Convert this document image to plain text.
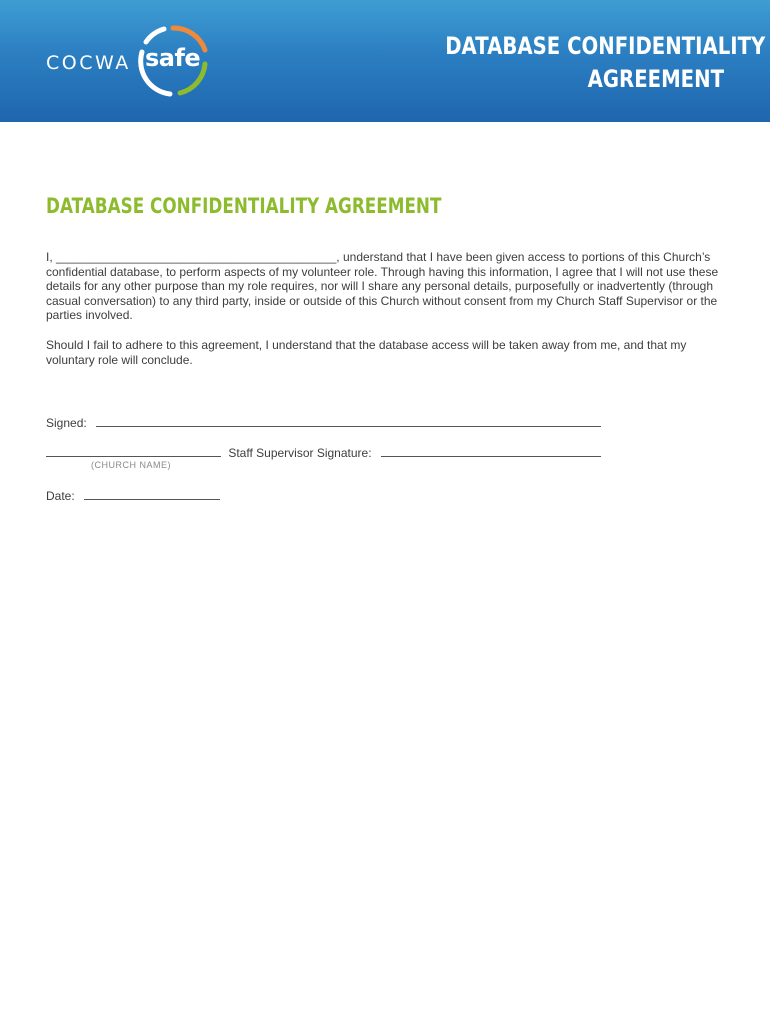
COCWA safe	DATABASE CONFIDENTIALITY
AGREEMENT
DATABASE CONFIDENTIALITY AGREEMENT

I, __________________________________________, understand that I have been given access to portions of this Church’s confidential database, to perform aspects of my volunteer role. Through having this information, I agree that I will not use these details for any other purpose than my role requires, nor will I share any personal details, purposefully or inadvertently (through casual conversation) to any third party, inside or outside of this Church without consent from my Church Staff Supervisor or the parties involved.

Should I fail to adhere to this agreement, I understand that the database access will be taken away from me, and that my voluntary role will conclude.

Signed:
Staff Supervisor Signature:
(CHURCH NAME)
Date:
